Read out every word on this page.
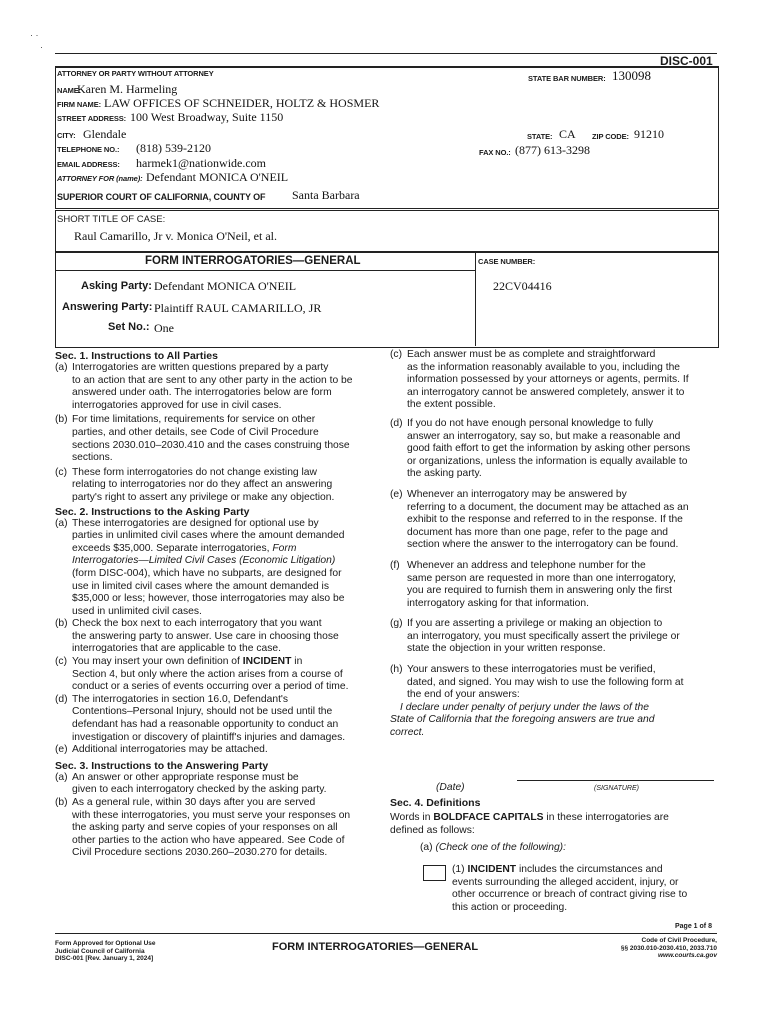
· ·
·
DISC-001
ATTORNEY OR PARTY WITHOUT ATTORNEY
STATE BAR NUMBER: 130098
NAME:
Karen M. Harmeling
FIRM NAME: LAW OFFICES OF SCHNEIDER, HOLTZ & HOSMER
STREET ADDRESS: 100 West Broadway, Suite 1150
CITY: Glendale	STATE: CA ZIP CODE: 91210
TELEPHONE NO.: (818) 539-2120	FAX NO.: (877) 613-3298
EMAIL ADDRESS: harmek1@nationwide.com
ATTORNEY FOR (name): Defendant MONICA O'NEIL
SUPERIOR COURT OF CALIFORNIA, COUNTY OF Santa Barbara
SHORT TITLE OF CASE:
Raul Camarillo, Jr v. Monica O'Neil, et al.
FORM INTERROGATORIES—GENERAL	CASE NUMBER:
22CV04416
Asking Party: Defendant MONICA O'NEIL
Answering Party: Plaintiff RAUL CAMARILLO, JR
Set No.: One
Sec. 1. Instructions to All Parties
(a) Interrogatories are written questions prepared by a party
to an action that are sent to any other party in the action to be
answered under oath. The interrogatories below are form
interrogatories approved for use in civil cases.
(b) For time limitations, requirements for service on other
parties, and other details, see Code of Civil Procedure
sections 2030.010–2030.410 and the cases construing those
sections.
(c) These form interrogatories do not change existing law
relating to interrogatories nor do they affect an answering
party's right to assert any privilege or make any objection.
Sec. 2. Instructions to the Asking Party
(a) These interrogatories are designed for optional use by
parties in unlimited civil cases where the amount demanded
exceeds $35,000. Separate interrogatories, Form
Interrogatories—Limited Civil Cases (Economic Litigation)
(form DISC-004), which have no subparts, are designed for
use in limited civil cases where the amount demanded is
$35,000 or less; however, those interrogatories may also be
used in unlimited civil cases.
(b) Check the box next to each interrogatory that you want
the answering party to answer. Use care in choosing those
interrogatories that are applicable to the case.
(c) You may insert your own definition of INCIDENT in
Section 4, but only where the action arises from a course of
conduct or a series of events occurring over a period of time.
(d) The interrogatories in section 16.0, Defendant's
Contentions–Personal Injury, should not be used until the
defendant has had a reasonable opportunity to conduct an
investigation or discovery of plaintiff's injuries and damages.
(e) Additional interrogatories may be attached.
Sec. 3. Instructions to the Answering Party
(a) An answer or other appropriate response must be
given to each interrogatory checked by the asking party.
(b) As a general rule, within 30 days after you are served
with these interrogatories, you must serve your responses on
the asking party and serve copies of your responses on all
other parties to the action who have appeared. See Code of
Civil Procedure sections 2030.260–2030.270 for details.
(c) Each answer must be as complete and straightforward
as the information reasonably available to you, including the
information possessed by your attorneys or agents, permits. If
an interrogatory cannot be answered completely, answer it to
the extent possible.
(d) If you do not have enough personal knowledge to fully
answer an interrogatory, say so, but make a reasonable and
good faith effort to get the information by asking other persons
or organizations, unless the information is equally available to
the asking party.
(e) Whenever an interrogatory may be answered by
referring to a document, the document may be attached as an
exhibit to the response and referred to in the response. If the
document has more than one page, refer to the page and
section where the answer to the interrogatory can be found.
(f) Whenever an address and telephone number for the
same person are requested in more than one interrogatory,
you are required to furnish them in answering only the first
interrogatory asking for that information.
(g) If you are asserting a privilege or making an objection to
an interrogatory, you must specifically assert the privilege or
state the objection in your written response.
(h) Your answers to these interrogatories must be verified,
dated, and signed. You may wish to use the following form at
the end of your answers:
I declare under penalty of perjury under the laws of the
State of California that the foregoing answers are true and
correct.
(Date)	(SIGNATURE)
Sec. 4. Definitions
Words in BOLDFACE CAPITALS in these interrogatories are
defined as follows:
(a) (Check one of the following):
(1) INCIDENT includes the circumstances and
events surrounding the alleged accident, injury, or
other occurrence or breach of contract giving rise to
this action or proceeding.
Page 1 of 8
Form Approved for Optional Use
Judicial Council of California
DISC-001 [Rev. January 1, 2024]
FORM INTERROGATORIES—GENERAL
Code of Civil Procedure,
§§ 2030.010-2030.410, 2033.710
www.courts.ca.gov
